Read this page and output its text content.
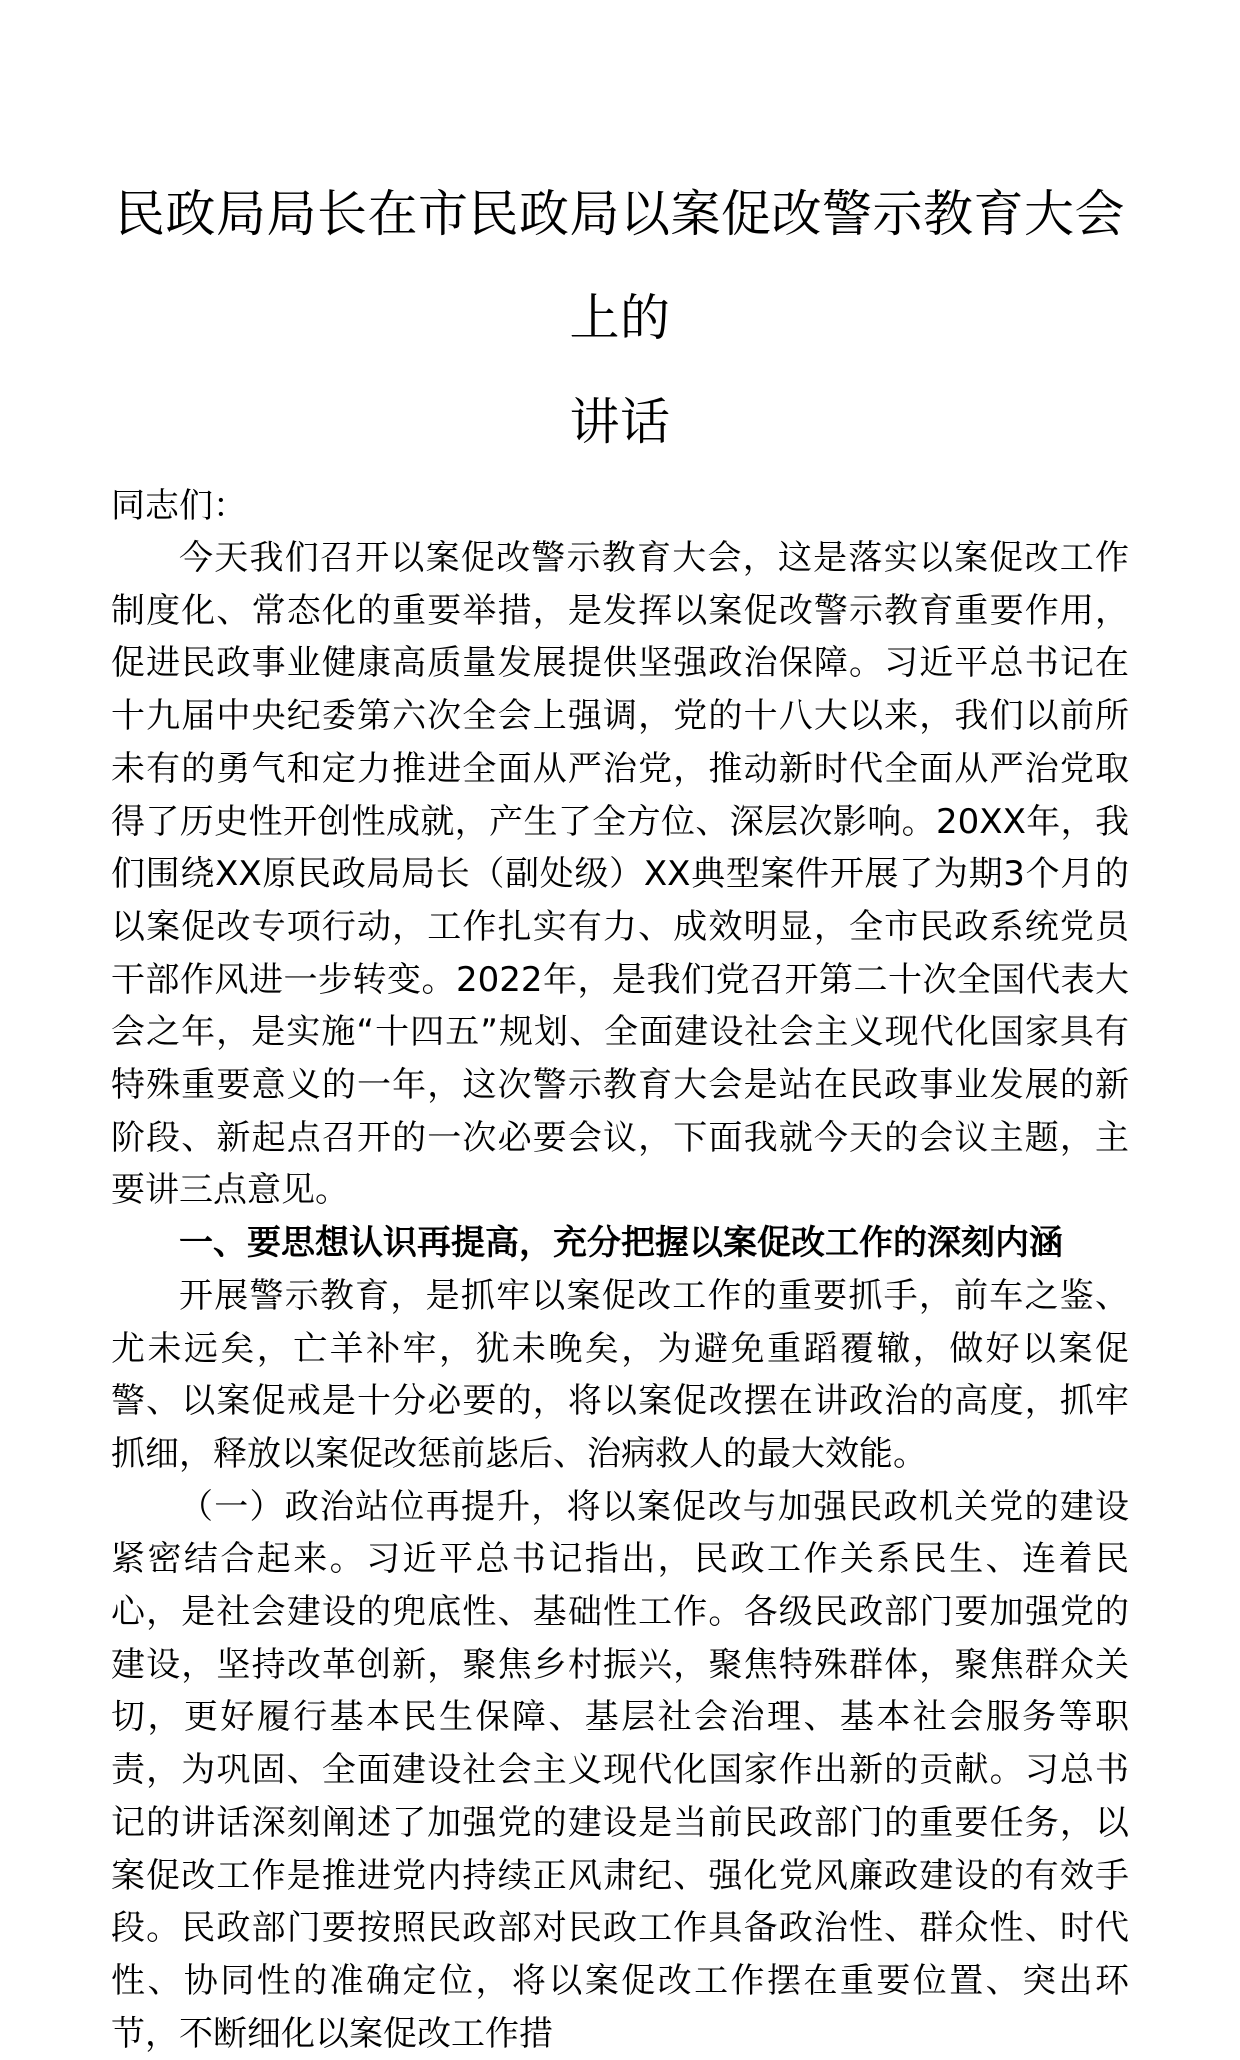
民政局局长在市民政局以案促改警示教育大会上的
讲话

同志们：

今天我们召开以案促改警示教育大会，这是落实以案促改工作制度化、常态化的重要举措，是发挥以案促改警示教育重要作用，促进民政事业健康高质量发展提供坚强政治保障。习近平总书记在十九届中央纪委第六次全会上强调，党的十八大以来，我们以前所未有的勇气和定力推进全面从严治党，推动新时代全面从严治党取得了历史性开创性成就，产生了全方位、深层次影响。20XX年，我们围绕XX原民政局局长（副处级）XX典型案件开展了为期3个月的以案促改专项行动，工作扎实有力、成效明显，全市民政系统党员干部作风进一步转变。2022年，是我们党召开第二十次全国代表大会之年，是实施“十四五”规划、全面建设社会主义现代化国家具有特殊重要意义的一年，这次警示教育大会是站在民政事业发展的新阶段、新起点召开的一次必要会议，下面我就今天的会议主题，主要讲三点意见。

一、要思想认识再提高，充分把握以案促改工作的深刻内涵

开展警示教育，是抓牢以案促改工作的重要抓手，前车之鉴、尤未远矣，亡羊补牢，犹未晚矣，为避免重蹈覆辙，做好以案促警、以案促戒是十分必要的，将以案促改摆在讲政治的高度，抓牢抓细，释放以案促改惩前毖后、治病救人的最大效能。

（一）政治站位再提升，将以案促改与加强民政机关党的建设紧密结合起来。习近平总书记指出，民政工作关系民生、连着民心，是社会建设的兜底性、基础性工作。各级民政部门要加强党的建设，坚持改革创新，聚焦乡村振兴，聚焦特殊群体，聚焦群众关切，更好履行基本民生保障、基层社会治理、基本社会服务等职责，为巩固、全面建设社会主义现代化国家作出新的贡献。习总书记的讲话深刻阐述了加强党的建设是当前民政部门的重要任务，以案促改工作是推进党内持续正风肃纪、强化党风廉政建设的有效手段。民政部门要按照民政部对民政工作具备政治性、群众性、时代性、协同性的准确定位，将以案促改工作摆在重要位置、突出环节，不断细化以案促改工作措
